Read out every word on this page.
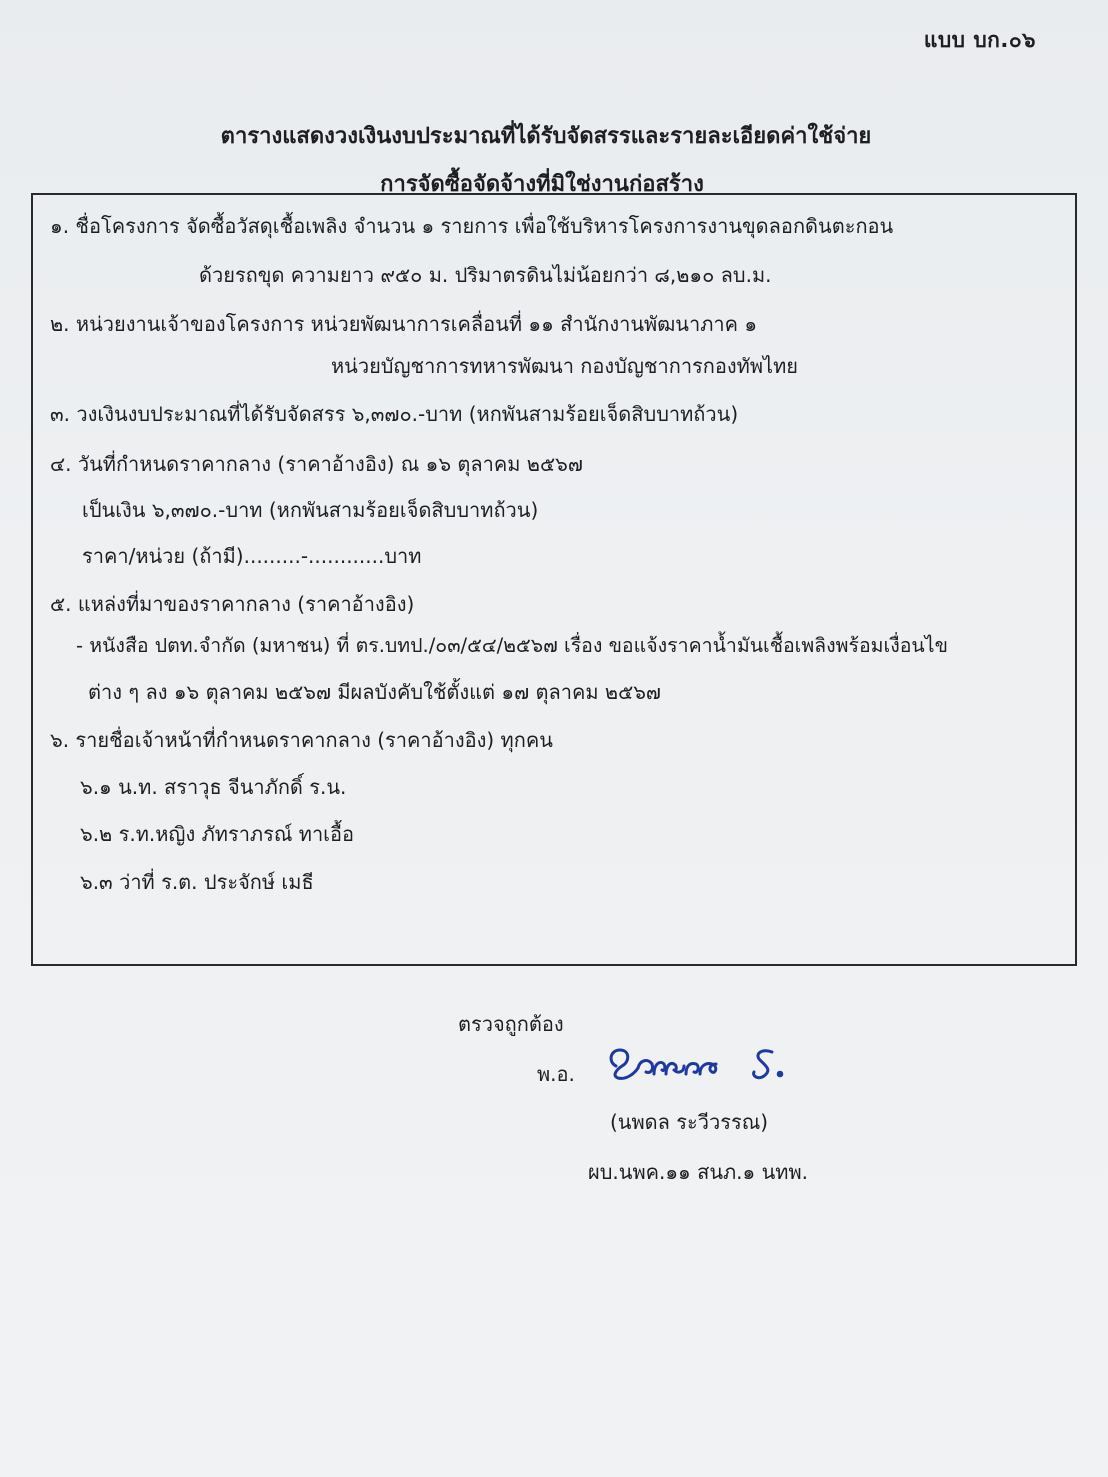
แบบ บก.๐๖
ตารางแสดงวงเงินงบประมาณที่ได้รับจัดสรรและรายละเอียดค่าใช้จ่าย
การจัดซื้อจัดจ้างที่มิใช่งานก่อสร้าง
๑. ชื่อโครงการ จัดซื้อวัสดุเชื้อเพลิง จำนวน ๑ รายการ เพื่อใช้บริหารโครงการงานขุดลอกดินตะกอน
ด้วยรถขุด ความยาว ๙๕๐ ม. ปริมาตรดินไม่น้อยกว่า ๘,๒๑๐ ลบ.ม.
๒. หน่วยงานเจ้าของโครงการ หน่วยพัฒนาการเคลื่อนที่ ๑๑ สำนักงานพัฒนาภาค ๑
หน่วยบัญชาการทหารพัฒนา กองบัญชาการกองทัพไทย
๓. วงเงินงบประมาณที่ได้รับจัดสรร ๖,๓๗๐.-บาท (หกพันสามร้อยเจ็ดสิบบาทถ้วน)
๔. วันที่กำหนดราคากลาง (ราคาอ้างอิง) ณ ๑๖ ตุลาคม ๒๕๖๗
เป็นเงิน ๖,๓๗๐.-บาท (หกพันสามร้อยเจ็ดสิบบาทถ้วน)
ราคา/หน่วย (ถ้ามี).........-............บาท
๕. แหล่งที่มาของราคากลาง (ราคาอ้างอิง)
- หนังสือ ปตท.จำกัด (มหาชน) ที่ ตร.บทป./๐๓/๕๔/๒๕๖๗ เรื่อง ขอแจ้งราคาน้ำมันเชื้อเพลิงพร้อมเงื่อนไข
ต่าง ๆ ลง ๑๖ ตุลาคม ๒๕๖๗ มีผลบังคับใช้ตั้งแต่ ๑๗ ตุลาคม ๒๕๖๗
๖. รายชื่อเจ้าหน้าที่กำหนดราคากลาง (ราคาอ้างอิง) ทุกคน
๖.๑ น.ท. สราวุธ จีนาภักดิ์ ร.น.
๖.๒ ร.ท.หญิง ภัทราภรณ์ ทาเอื้อ
๖.๓ ว่าที่ ร.ต. ประจักษ์ เมธี
ตรวจถูกต้อง
พ.อ.
(นพดล ระวีวรรณ)
ผบ.นพค.๑๑ สนภ.๑ นทพ.
